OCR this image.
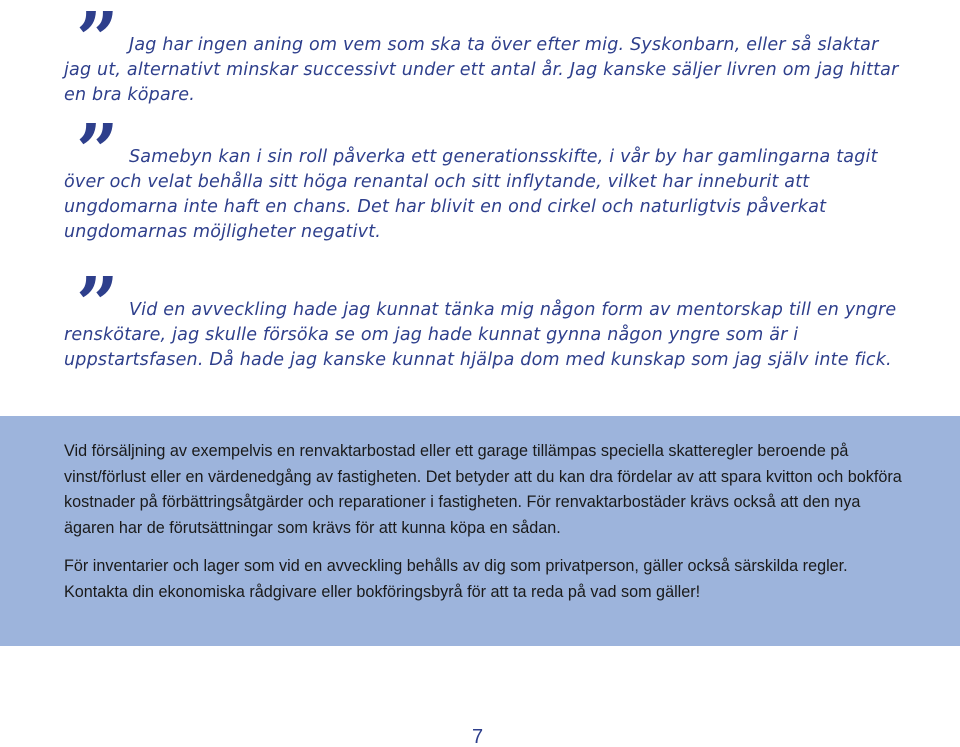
” Jag har ingen aning om vem som ska ta över efter mig. Syskonbarn, eller så slaktar jag ut, alternativt minskar successivt under ett antal år. Jag kanske säljer livren om jag hittar en bra köpare.

” Samebyn kan i sin roll påverka ett generationsskifte, i vår by har gamlingarna tagit över och velat behålla sitt höga renantal och sitt inflytande, vilket har inneburit att ungdomarna inte haft en chans. Det har blivit en ond cirkel och naturligtvis påverkat ungdomarnas möjligheter negativt.

” Vid en avveckling hade jag kunnat tänka mig någon form av mentorskap till en yngre renskötare, jag skulle försöka se om jag hade kunnat gynna någon yngre som är i uppstartsfasen. Då hade jag kanske kunnat hjälpa dom med kunskap som jag själv inte fick.

Vid försäljning av exempelvis en renvaktarbostad eller ett garage tillämpas speciella skatteregler beroende på vinst/förlust eller en värdenedgång av fastigheten. Det betyder att du kan dra fördelar av att spara kvitton och bokföra kostnader på förbättringsåtgärder och reparationer i fastigheten. För renvaktarbostäder krävs också att den nya ägaren har de förutsättningar som krävs för att kunna köpa en sådan.

För inventarier och lager som vid en avveckling behålls av dig som privatperson, gäller också särskilda regler. Kontakta din ekonomiska rådgivare eller bokföringsbyrå för att ta reda på vad som gäller!

7
